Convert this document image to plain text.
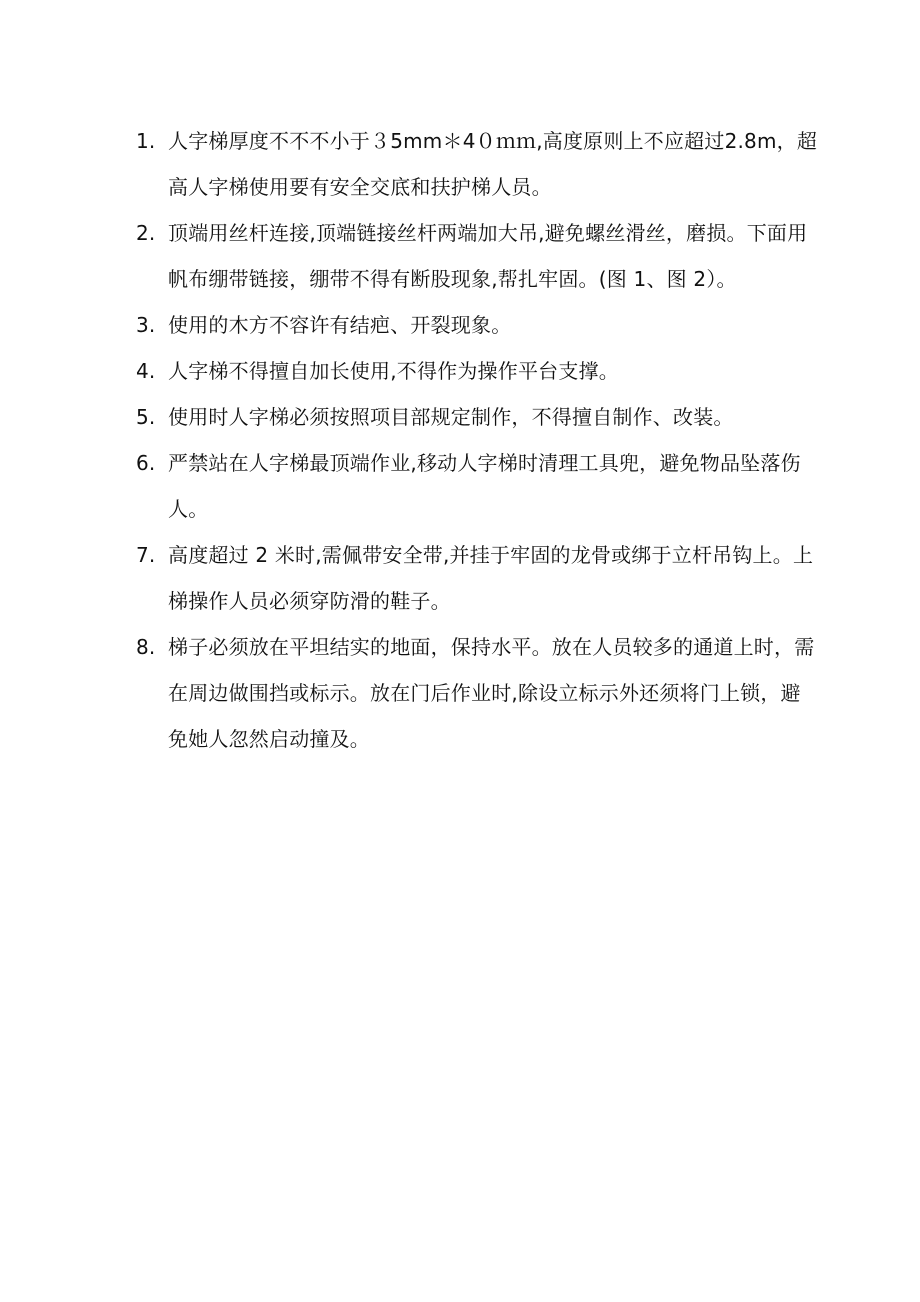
1. 人字梯厚度不不不小于３5mm＊4０ｍｍ,高度原则上不应超过2.8m，超高人字梯使用要有安全交底和扶护梯人员。
2. 顶端用丝杆连接,顶端链接丝杆两端加大吊,避免螺丝滑丝，磨损。下面用帆布绷带链接，绷带不得有断股现象,帮扎牢固。(图 1、图 2）。
3. 使用的木方不容许有结疤、开裂现象。
4. 人字梯不得擅自加长使用,不得作为操作平台支撑。
5. 使用时人字梯必须按照项目部规定制作，不得擅自制作、改装。
6. 严禁站在人字梯最顶端作业,移动人字梯时清理工具兜，避免物品坠落伤人。
7. 高度超过 2 米时,需佩带安全带,并挂于牢固的龙骨或绑于立杆吊钩上。上梯操作人员必须穿防滑的鞋子。
8. 梯子必须放在平坦结实的地面，保持水平。放在人员较多的通道上时，需在周边做围挡或标示。放在门后作业时,除设立标示外还须将门上锁，避免她人忽然启动撞及。
